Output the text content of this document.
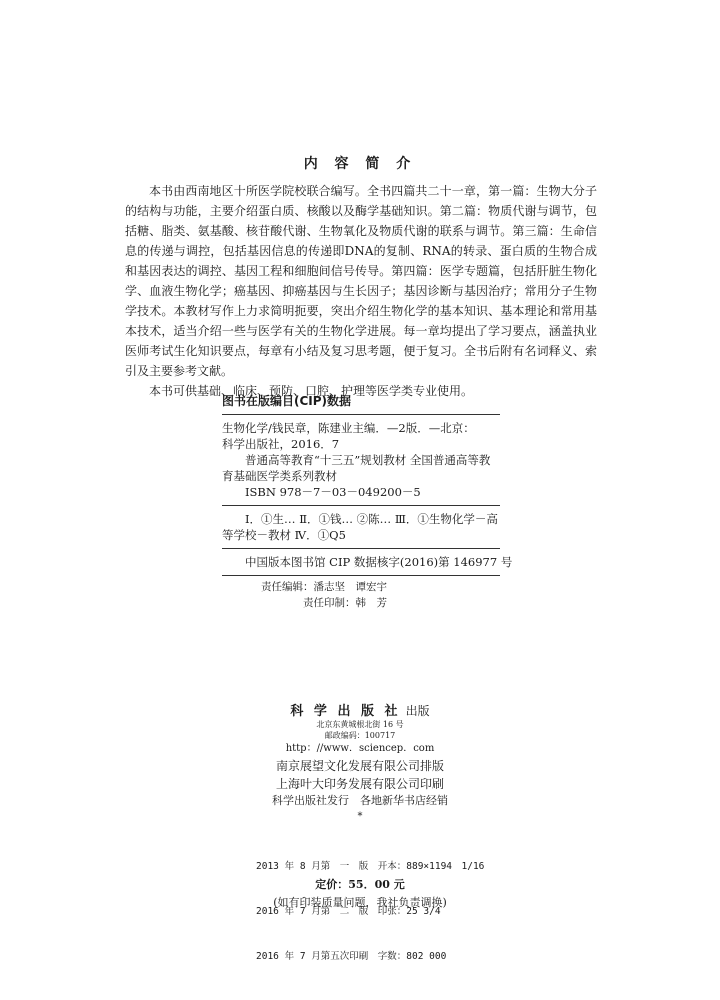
内 容 简 介

本书由西南地区十所医学院校联合编写。全书四篇共二十一章，第一篇：生物大分子的结构与功能，主要介绍蛋白质、核酸以及酶学基础知识。第二篇：物质代谢与调节，包括糖、脂类、氨基酸、核苷酸代谢、生物氧化及物质代谢的联系与调节。第三篇：生命信息的传递与调控，包括基因信息的传递即DNA的复制、RNA的转录、蛋白质的生物合成和基因表达的调控、基因工程和细胞间信号传导。第四篇：医学专题篇，包括肝脏生物化学、血液生物化学；癌基因、抑癌基因与生长因子；基因诊断与基因治疗；常用分子生物学技术。本教材写作上力求简明扼要，突出介绍生物化学的基本知识、基本理论和常用基本技术，适当介绍一些与医学有关的生物化学进展。每一章均提出了学习要点，涵盖执业医师考试生化知识要点，每章有小结及复习思考题，便于复习。全书后附有名词释义、索引及主要参考文献。

本书可供基础、临床、预防、口腔、护理等医学类专业使用。

图书在版编目(CIP)数据
生物化学/钱民章，陈建业主编．—2版．—北京：
科学出版社，2016．7
普通高等教育“十三五”规划教材 全国普通高等教
育基础医学类系列教材
ISBN 978－7－03－049200－5
Ⅰ．①生… Ⅱ．①钱… ②陈… Ⅲ．①生物化学－高
等学校－教材 Ⅳ．①Q5
中国版本图书馆 CIP 数据核字(2016)第 146977 号
责任编辑：潘志坚　谭宏宇
责任印制：韩　芳
科 学 出 版 社 出版
北京东黄城根北街 16 号
邮政编码：100717
http：//www．sciencep．com
南京展望文化发展有限公司排版
上海叶大印务发展有限公司印刷
科学出版社发行　各地新华书店经销
*

2013 年 8 月第　一　版　开本：889×1194　1/16

2016 年 7 月第　二　版　印张：25 3/4

2016 年 7 月第五次印刷　字数：802 000

定价：55．00 元
(如有印装质量问题，我社负责调换)
